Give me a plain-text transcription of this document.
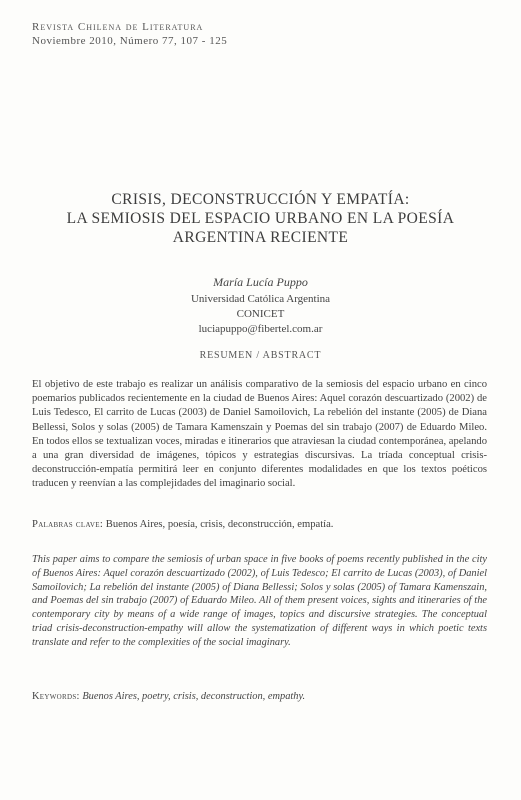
Revista Chilena de Literatura
Noviembre 2010, Número 77, 107 - 125
CRISIS, DECONSTRUCCIÓN Y EMPATÍA:
LA SEMIOSIS DEL ESPACIO URBANO EN LA POESÍA
ARGENTINA RECIENTE
María Lucía Puppo
Universidad Católica Argentina
CONICET
luciapuppo@fibertel.com.ar
RESUMEN / ABSTRACT
El objetivo de este trabajo es realizar un análisis comparativo de la semiosis del espacio urbano en cinco poemarios publicados recientemente en la ciudad de Buenos Aires: Aquel corazón descuartizado (2002) de Luis Tedesco, El carrito de Lucas (2003) de Daniel Samoilovich, La rebelión del instante (2005) de Diana Bellessi, Solos y solas (2005) de Tamara Kamenszain y Poemas del sin trabajo (2007) de Eduardo Mileo. En todos ellos se textualizan voces, miradas e itinerarios que atraviesan la ciudad contemporánea, apelando a una gran diversidad de imágenes, tópicos y estrategias discursivas. La tríada conceptual crisis-deconstrucción-empatía permitirá leer en conjunto diferentes modalidades en que los textos poéticos traducen y reenvían a las complejidades del imaginario social.
Palabras clave: Buenos Aires, poesía, crisis, deconstrucción, empatía.
This paper aims to compare the semiosis of urban space in five books of poems recently published in the city of Buenos Aires: Aquel corazón descuartizado (2002), of Luis Tedesco; El carrito de Lucas (2003), of Daniel Samoilovich; La rebelión del instante (2005) of Diana Bellessi; Solos y solas (2005) of Tamara Kamenszain, and Poemas del sin trabajo (2007) of Eduardo Mileo. All of them present voices, sights and itineraries of the contemporary city by means of a wide range of images, topics and discursive strategies. The conceptual triad crisis-deconstruction-empathy will allow the systematization of different ways in which poetic texts translate and refer to the complexities of the social imaginary.
Keywords: Buenos Aires, poetry, crisis, deconstruction, empathy.
